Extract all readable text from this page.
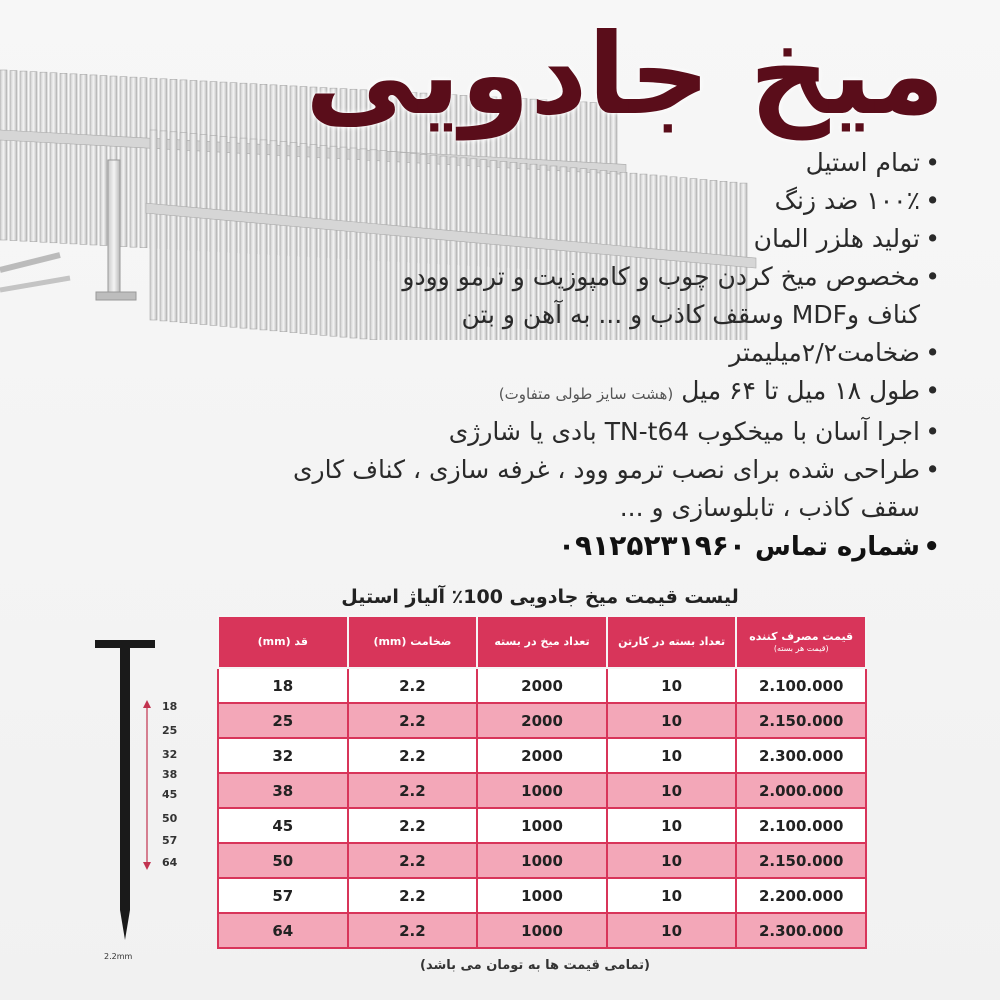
میخ جادویی
•تمام استیل
•۱۰۰٪ ضد زنگ
•تولید هلزر المان
•مخصوص میخ کردن چوب و کامپوزیت و ترمو وودو
کناف وMDF وسقف کاذب و ... به آهن و بتن
•ضخامت۲/۲میلیمتر
•طول ۱۸ میل تا ۶۴ میل (هشت سایز طولی متفاوت)
•اجرا آسان با میخکوب TN-t64 بادی یا شارژی
•طراحی شده برای نصب ترمو وود ، غرفه سازی ، کناف کاری
سقف کاذب ، تابلوسازی و ...
•شماره تماس ۰۹۱۲۵۲۳۱۹۶۰
لیست قیمت میخ جادویی 100٪ آلیاژ استیل
قیمت مصرف کننده
(قیمت هر بسته)	تعداد بسته در کارتن	تعداد میخ در بسته	ضخامت (mm)	قد (mm)
2.100.000	10	2000	2.2	18
2.150.000	10	2000	2.2	25
2.300.000	10	2000	2.2	32
2.000.000	10	1000	2.2	38
2.100.000	10	1000	2.2	45
2.150.000	10	1000	2.2	50
2.200.000	10	1000	2.2	57
2.300.000	10	1000	2.2	64
(تمامی قیمت ها به تومان می باشد)
18
25
32
38
45
50
57
64
2.2mm
